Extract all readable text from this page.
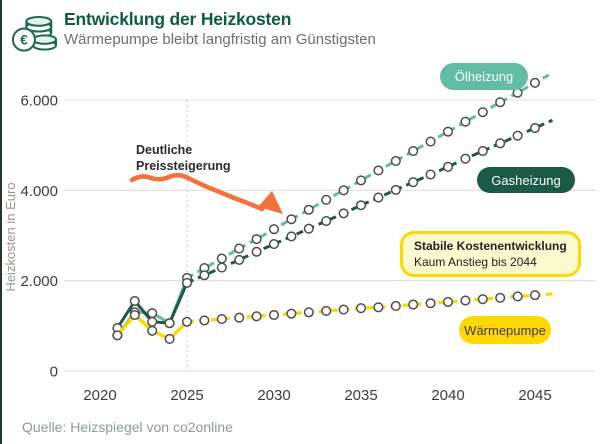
0
2.000
4.000
6.000
2020	2025	2030	2035	2040	2045
Heizkosten in Euro
€
Entwicklung der Heizkosten
Wärmepumpe bleibt langfristig am Günstigsten
Deutliche
Preissteigerung
Ölheizung
Gasheizung
Wärmepumpe
Stabile Kostenentwicklung
Kaum Anstieg bis 2044
Quelle: Heizspiegel von co2online
